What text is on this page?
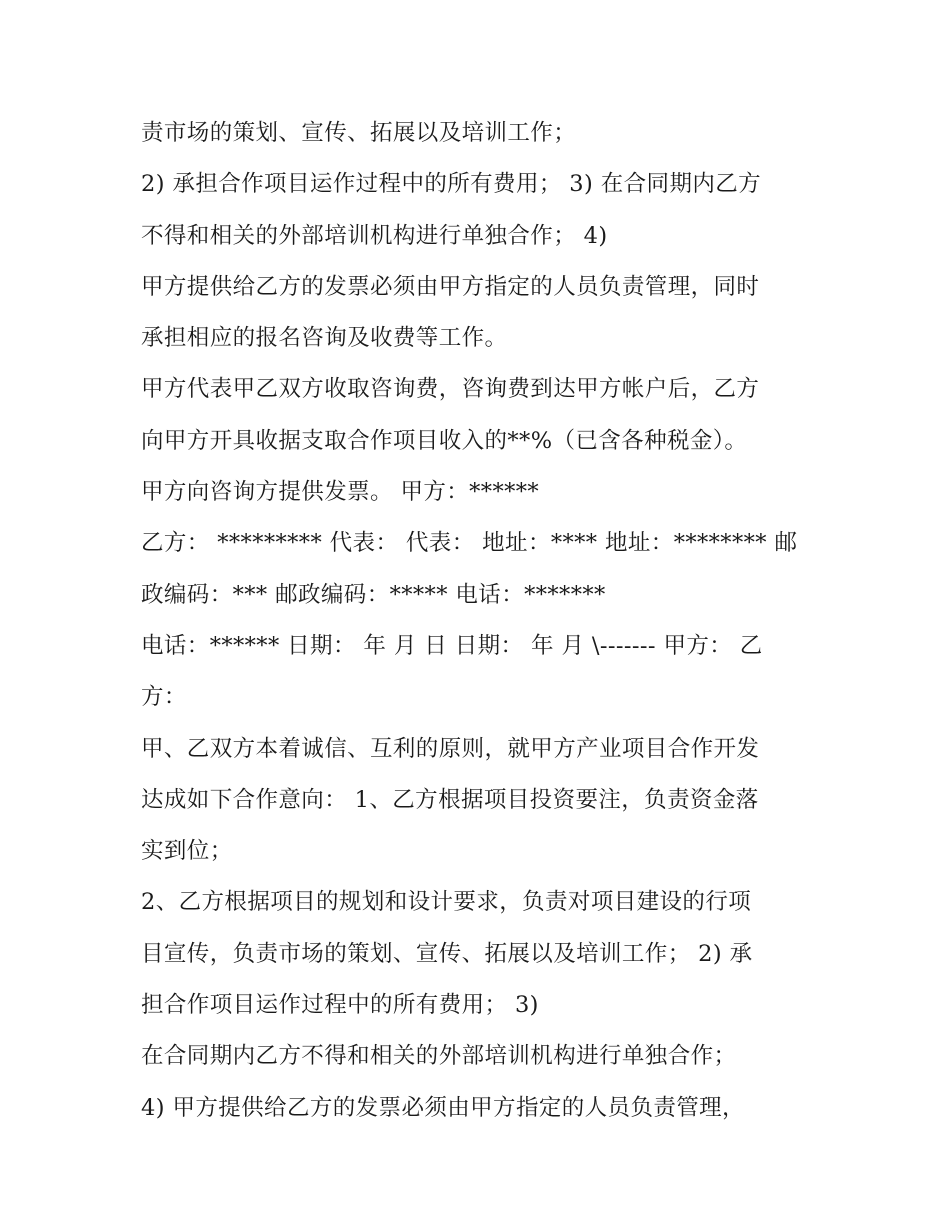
责市场的策划、宣传、拓展以及培训工作；
2) 承担合作项目运作过程中的所有费用； 3) 在合同期内乙方
不得和相关的外部培训机构进行单独合作； 4)
甲方提供给乙方的发票必须由甲方指定的人员负责管理，同时
承担相应的报名咨询及收费等工作。
甲方代表甲乙双方收取咨询费，咨询费到达甲方帐户后，乙方
向甲方开具收据支取合作项目收入的**%（已含各种税金）。
甲方向咨询方提供发票。 甲方：******
乙方： ********* 代表： 代表： 地址：**** 地址：******** 邮
政编码：*** 邮政编码：***** 电话：*******
电话：****** 日期： 年 月 日 日期： 年 月 \------- 甲方： 乙
方：
甲、乙双方本着诚信、互利的原则，就甲方产业项目合作开发
达成如下合作意向： 1、乙方根据项目投资要注，负责资金落
实到位；
2、乙方根据项目的规划和设计要求，负责对项目建设的行项
目宣传，负责市场的策划、宣传、拓展以及培训工作； 2) 承
担合作项目运作过程中的所有费用； 3)
在合同期内乙方不得和相关的外部培训机构进行单独合作；
4) 甲方提供给乙方的发票必须由甲方指定的人员负责管理，
